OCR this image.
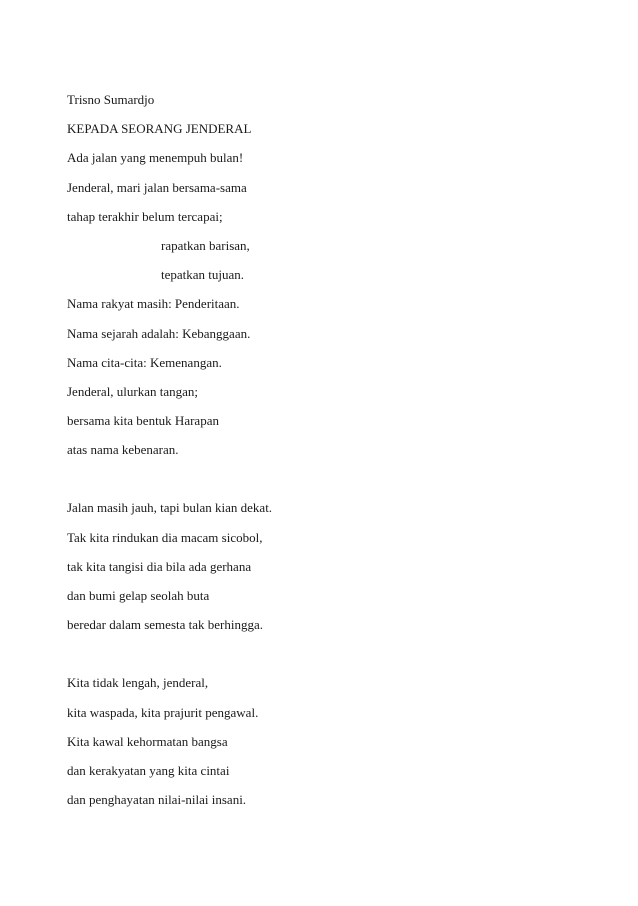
Trisno Sumardjo
KEPADA SEORANG JENDERAL
Ada jalan yang menempuh bulan!
Jenderal, mari jalan bersama-sama
tahap terakhir belum tercapai;
rapatkan barisan,
tepatkan tujuan.
Nama rakyat masih: Penderitaan.
Nama sejarah adalah: Kebanggaan.
Nama cita-cita: Kemenangan.
Jenderal, ulurkan tangan;
bersama kita bentuk Harapan
atas nama kebenaran.
Jalan masih jauh, tapi bulan kian dekat.
Tak kita rindukan dia macam sicobol,
tak kita tangisi dia bila ada gerhana
dan bumi gelap seolah buta
beredar dalam semesta tak berhingga.
Kita tidak lengah, jenderal,
kita waspada, kita prajurit pengawal.
Kita kawal kehormatan bangsa
dan kerakyatan yang kita cintai
dan penghayatan nilai-nilai insani.
